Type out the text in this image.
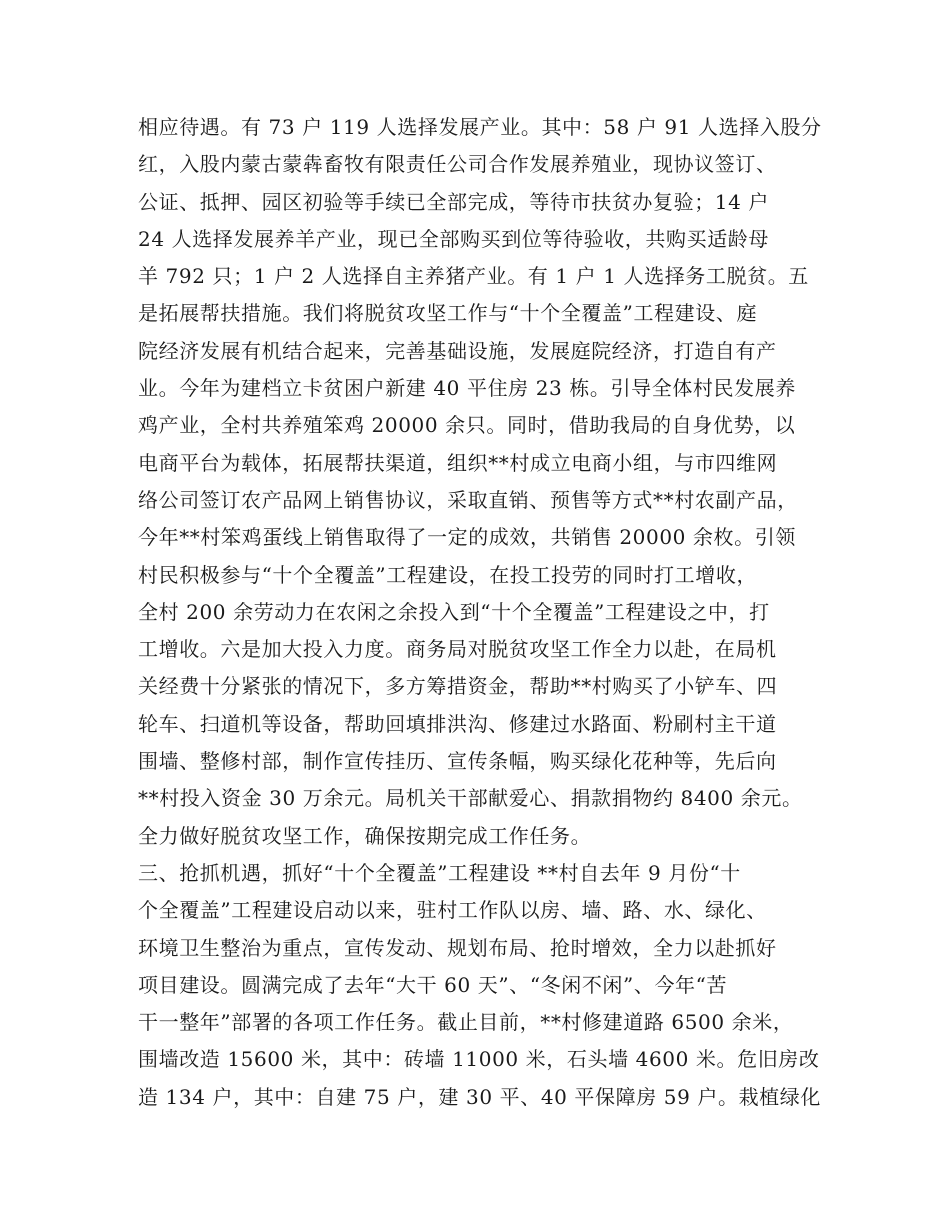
相应待遇。有 73 户 119 人选择发展产业。其中：58 户 91 人选择入股分
红，入股内蒙古蒙犇畜牧有限责任公司合作发展养殖业，现协议签订、
公证、抵押、园区初验等手续已全部完成，等待市扶贫办复验；14 户
24 人选择发展养羊产业，现已全部购买到位等待验收，共购买适龄母
羊 792 只；1 户 2 人选择自主养猪产业。有 1 户 1 人选择务工脱贫。五
是拓展帮扶措施。我们将脱贫攻坚工作与“十个全覆盖”工程建设、庭
院经济发展有机结合起来，完善基础设施，发展庭院经济，打造自有产
业。今年为建档立卡贫困户新建 40 平住房 23 栋。引导全体村民发展养
鸡产业，全村共养殖笨鸡 20000 余只。同时，借助我局的自身优势，以
电商平台为载体，拓展帮扶渠道，组织**村成立电商小组，与市四维网
络公司签订农产品网上销售协议，采取直销、预售等方式**村农副产品，
今年**村笨鸡蛋线上销售取得了一定的成效，共销售 20000 余枚。引领
村民积极参与“十个全覆盖”工程建设，在投工投劳的同时打工增收，
全村 200 余劳动力在农闲之余投入到“十个全覆盖”工程建设之中，打
工增收。六是加大投入力度。商务局对脱贫攻坚工作全力以赴，在局机
关经费十分紧张的情况下，多方筹措资金，帮助**村购买了小铲车、四
轮车、扫道机等设备，帮助回填排洪沟、修建过水路面、粉刷村主干道
围墙、整修村部，制作宣传挂历、宣传条幅，购买绿化花种等，先后向
**村投入资金 30 万余元。局机关干部献爱心、捐款捐物约 8400 余元。
全力做好脱贫攻坚工作，确保按期完成工作任务。
三、抢抓机遇，抓好“十个全覆盖”工程建设 **村自去年 9 月份“十
个全覆盖”工程建设启动以来，驻村工作队以房、墙、路、水、绿化、
环境卫生整治为重点，宣传发动、规划布局、抢时增效，全力以赴抓好
项目建设。圆满完成了去年“大干 60 天”、“冬闲不闲”、今年“苦
干一整年”部署的各项工作任务。截止目前，**村修建道路 6500 余米，
围墙改造 15600 米，其中：砖墙 11000 米，石头墙 4600 米。危旧房改
造 134 户，其中：自建 75 户，建 30 平、40 平保障房 59 户。栽植绿化
